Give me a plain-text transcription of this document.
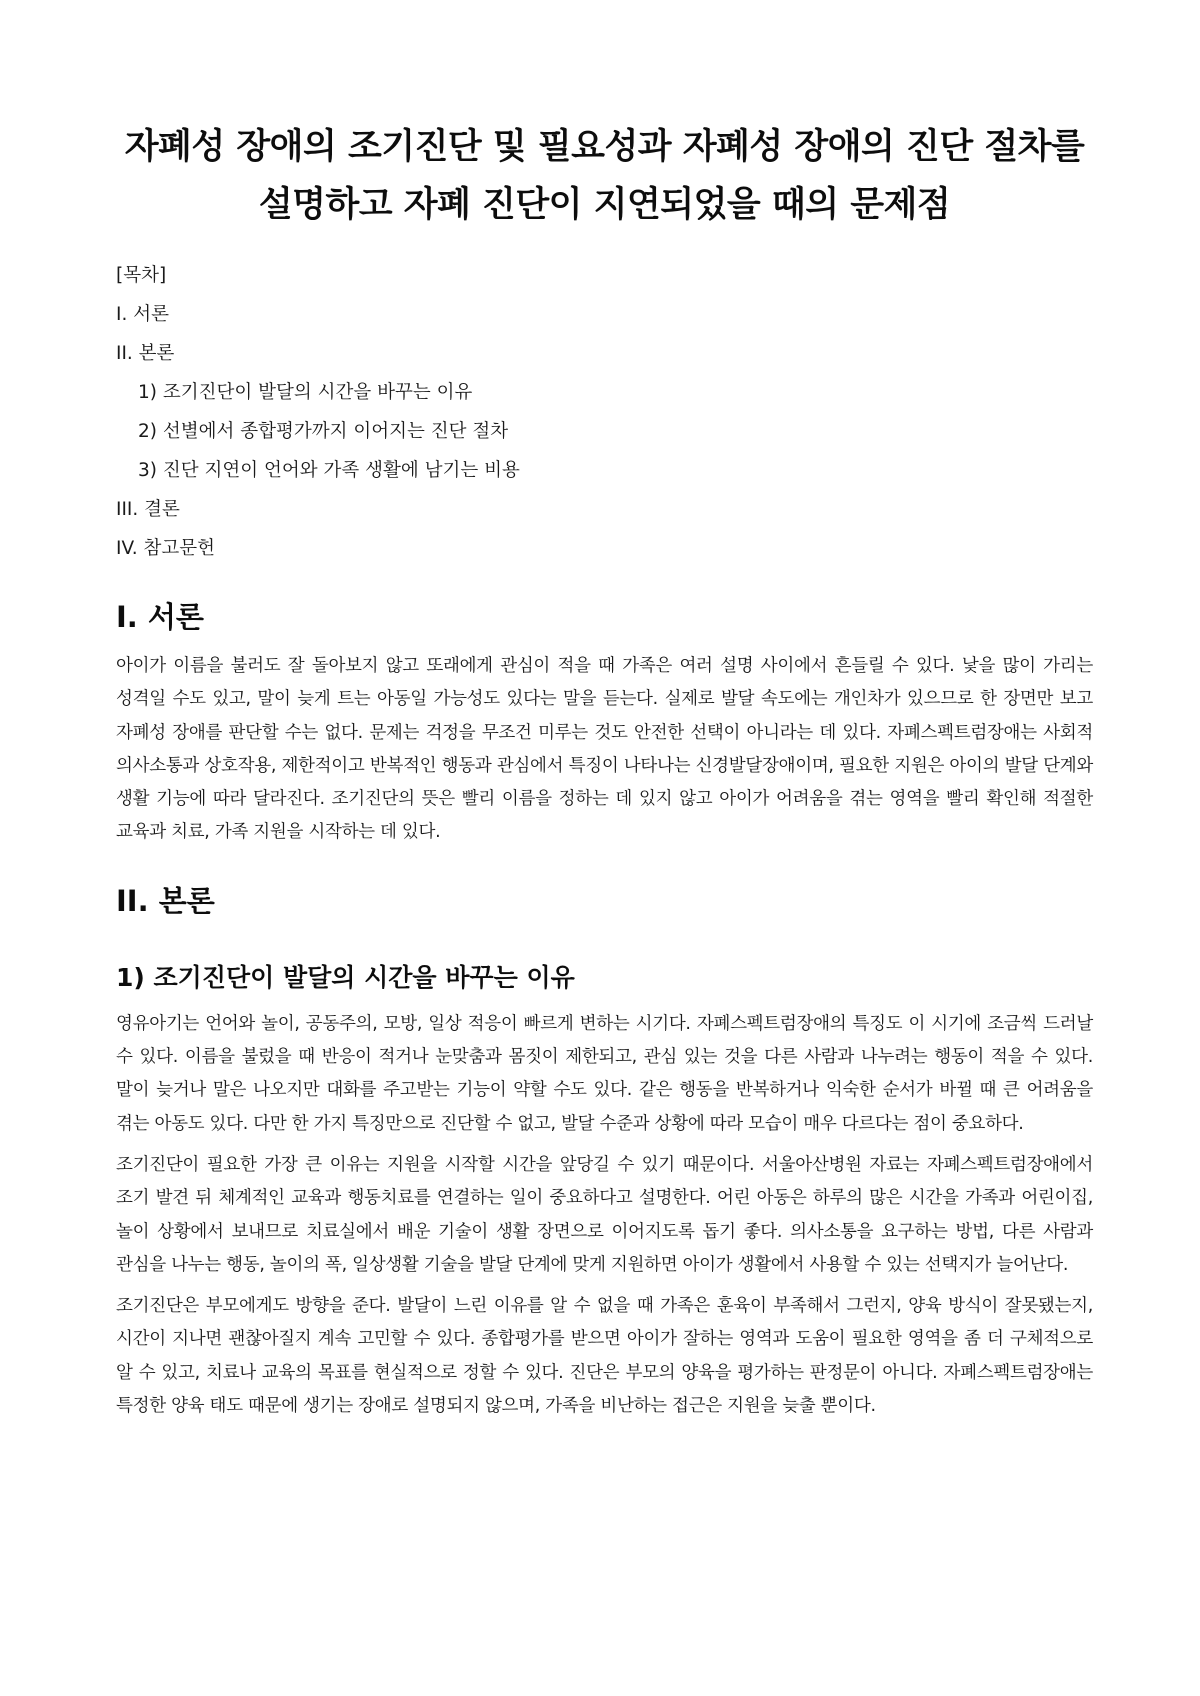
자폐성 장애의 조기진단 및 필요성과 자폐성 장애의 진단 절차를 설명하고 자폐 진단이 지연되었을 때의 문제점
[목차]
I. 서론
II. 본론
1) 조기진단이 발달의 시간을 바꾸는 이유
2) 선별에서 종합평가까지 이어지는 진단 절차
3) 진단 지연이 언어와 가족 생활에 남기는 비용
III. 결론
IV. 참고문헌
I. 서론

아이가 이름을 불러도 잘 돌아보지 않고 또래에게 관심이 적을 때 가족은 여러 설명 사이에서 흔들릴 수 있다. 낯을 많이 가리는 성격일 수도 있고, 말이 늦게 트는 아동일 가능성도 있다는 말을 듣는다. 실제로 발달 속도에는 개인차가 있으므로 한 장면만 보고 자폐성 장애를 판단할 수는 없다. 문제는 걱정을 무조건 미루는 것도 안전한 선택이 아니라는 데 있다. 자폐스펙트럼장애는 사회적 의사소통과 상호작용, 제한적이고 반복적인 행동과 관심에서 특징이 나타나는 신경발달장애이며, 필요한 지원은 아이의 발달 단계와 생활 기능에 따라 달라진다. 조기진단의 뜻은 빨리 이름을 정하는 데 있지 않고 아이가 어려움을 겪는 영역을 빨리 확인해 적절한 교육과 치료, 가족 지원을 시작하는 데 있다.

II. 본론
1) 조기진단이 발달의 시간을 바꾸는 이유

영유아기는 언어와 놀이, 공동주의, 모방, 일상 적응이 빠르게 변하는 시기다. 자폐스펙트럼장애의 특징도 이 시기에 조금씩 드러날 수 있다. 이름을 불렀을 때 반응이 적거나 눈맞춤과 몸짓이 제한되고, 관심 있는 것을 다른 사람과 나누려는 행동이 적을 수 있다. 말이 늦거나 말은 나오지만 대화를 주고받는 기능이 약할 수도 있다. 같은 행동을 반복하거나 익숙한 순서가 바뀔 때 큰 어려움을 겪는 아동도 있다. 다만 한 가지 특징만으로 진단할 수 없고, 발달 수준과 상황에 따라 모습이 매우 다르다는 점이 중요하다.

조기진단이 필요한 가장 큰 이유는 지원을 시작할 시간을 앞당길 수 있기 때문이다. 서울아산병원 자료는 자폐스펙트럼장애에서 조기 발견 뒤 체계적인 교육과 행동치료를 연결하는 일이 중요하다고 설명한다. 어린 아동은 하루의 많은 시간을 가족과 어린이집, 놀이 상황에서 보내므로 치료실에서 배운 기술이 생활 장면으로 이어지도록 돕기 좋다. 의사소통을 요구하는 방법, 다른 사람과 관심을 나누는 행동, 놀이의 폭, 일상생활 기술을 발달 단계에 맞게 지원하면 아이가 생활에서 사용할 수 있는 선택지가 늘어난다.

조기진단은 부모에게도 방향을 준다. 발달이 느린 이유를 알 수 없을 때 가족은 훈육이 부족해서 그런지, 양육 방식이 잘못됐는지, 시간이 지나면 괜찮아질지 계속 고민할 수 있다. 종합평가를 받으면 아이가 잘하는 영역과 도움이 필요한 영역을 좀 더 구체적으로 알 수 있고, 치료나 교육의 목표를 현실적으로 정할 수 있다. 진단은 부모의 양육을 평가하는 판정문이 아니다. 자폐스펙트럼장애는 특정한 양육 태도 때문에 생기는 장애로 설명되지 않으며, 가족을 비난하는 접근은 지원을 늦출 뿐이다.
